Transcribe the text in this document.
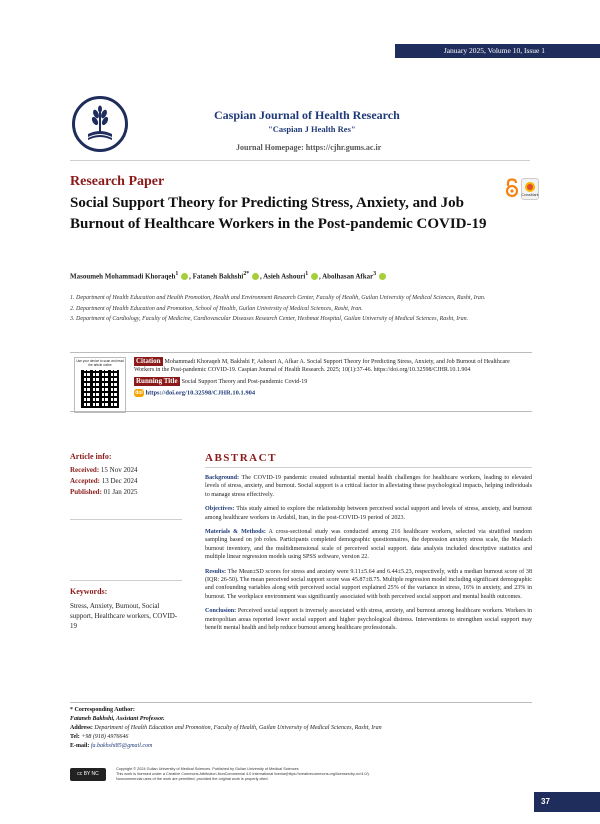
January 2025, Volume 10, Issue 1
Caspian Journal of Health Research
"Caspian J Health Res"
Journal Homepage: https://cjhr.gums.ac.ir
Research Paper
CrossMark
Social Support Theory for Predicting Stress, Anxiety, and Job Burnout of Healthcare Workers in the Post-pandemic COVID-19
Masoumeh Mohammadi Khoraqeh$^1$ , Fataneh Bakhshi$^{2*}$ , Asieh Ashouri$^1$ , Abolhasan Afkar$^3$

1. Department of Health Education and Health Promotion, Health and Environment Research Center, Faculty of Health, Guilan University of Medical Sciences, Rasht, Iran.

2. Department of Health Education and Promotion, School of Health, Guilan University of Medical Sciences, Rasht, Iran.

3. Department of Cardiology, Faculty of Medicine, Cardiovascular Diseases Research Center, Heshmat Hospital, Guilan University of Medical Sciences, Rasht, Iran.

Use your device to scan and read the article online	Citation Mohammadi Khoraqeh M, Bakhshi F, Ashouri A, Afkar A. Social Support Theory for Predicting Stress, Anxiety, and Job Burnout of Healthcare Workers in the Post-pandemic COVID-19. Caspian Journal of Health Research. 2025; 10(1):37-46. https://doi.org/10.32598/CJHR.10.1.904
Running Title Social Support Theory and Post-pandemic Covid-19
doi https://doi.org/10.32598/CJHR.10.1.904
Article info:
Received: 15 Nov 2024
Accepted: 13 Dec 2024
Published: 01 Jan 2025
Keywords:
Stress, Anxiety, Burnout, Social support, Healthcare workers, COVID-19
ABSTRACT

Background: The COVID-19 pandemic created substantial mental health challenges for healthcare workers, leading to elevated levels of stress, anxiety, and burnout. Social support is a critical factor in alleviating these psychological impacts, helping individuals to manage stress effectively.

Objectives: This study aimed to explore the relationship between perceived social support and levels of stress, anxiety, and burnout among healthcare workers in Ardabil, Iran, in the post-COVID-19 period of 2023.

Materials & Methods: A cross-sectional study was conducted among 216 healthcare workers, selected via stratified random sampling based on job roles. Participants completed demographic questionnaires, the depression anxiety stress scale, the Maslach burnout inventory, and the multidimensional scale of perceived social support. data analysis included descriptive statistics and multiple linear regression models using SPSS software, version 22.

Results: The Mean±SD scores for stress and anxiety were 9.11±5.64 and 6.44±5.23, respectively, with a median burnout score of 38 (IQR: 26-50). The mean perceived social support score was 45.87±8.75. Multiple regression model including significant demographic and confounding variables along with perceived social support explained 25% of the variance in stress, 16% in anxiety, and 23% in burnout. The workplace environment was significantly associated with both perceived social support and mental health outcomes.

Conclusion: Perceived social support is inversely associated with stress, anxiety, and burnout among healthcare workers. Workers in metropolitan areas reported lower social support and higher psychological distress. Interventions to strengthen social support may benefit mental health and help reduce burnout among healthcare professionals.

* Corresponding Author:
Fataneh Bakhshi, Assistant Professor.
Address: Department of Health Education and Promotion, Faculty of Health, Guilan University of Medical Sciences, Rasht, Iran
Tel: +98 (918) 4976646
E-mail: fa.bakhshi85@gmail.com
cc BY NC
Copyright © 2024 Guilan University of Medical Sciences. Published by Guilan University of Medical Sciences
This work is licensed under a Creative Commons Attribution-NonCommercial 4.0 International license(https://creativecommons.org/licenses/by-nc/4.0/).
Noncommercial uses of the work are permitted, provided the original work is properly cited.
37
